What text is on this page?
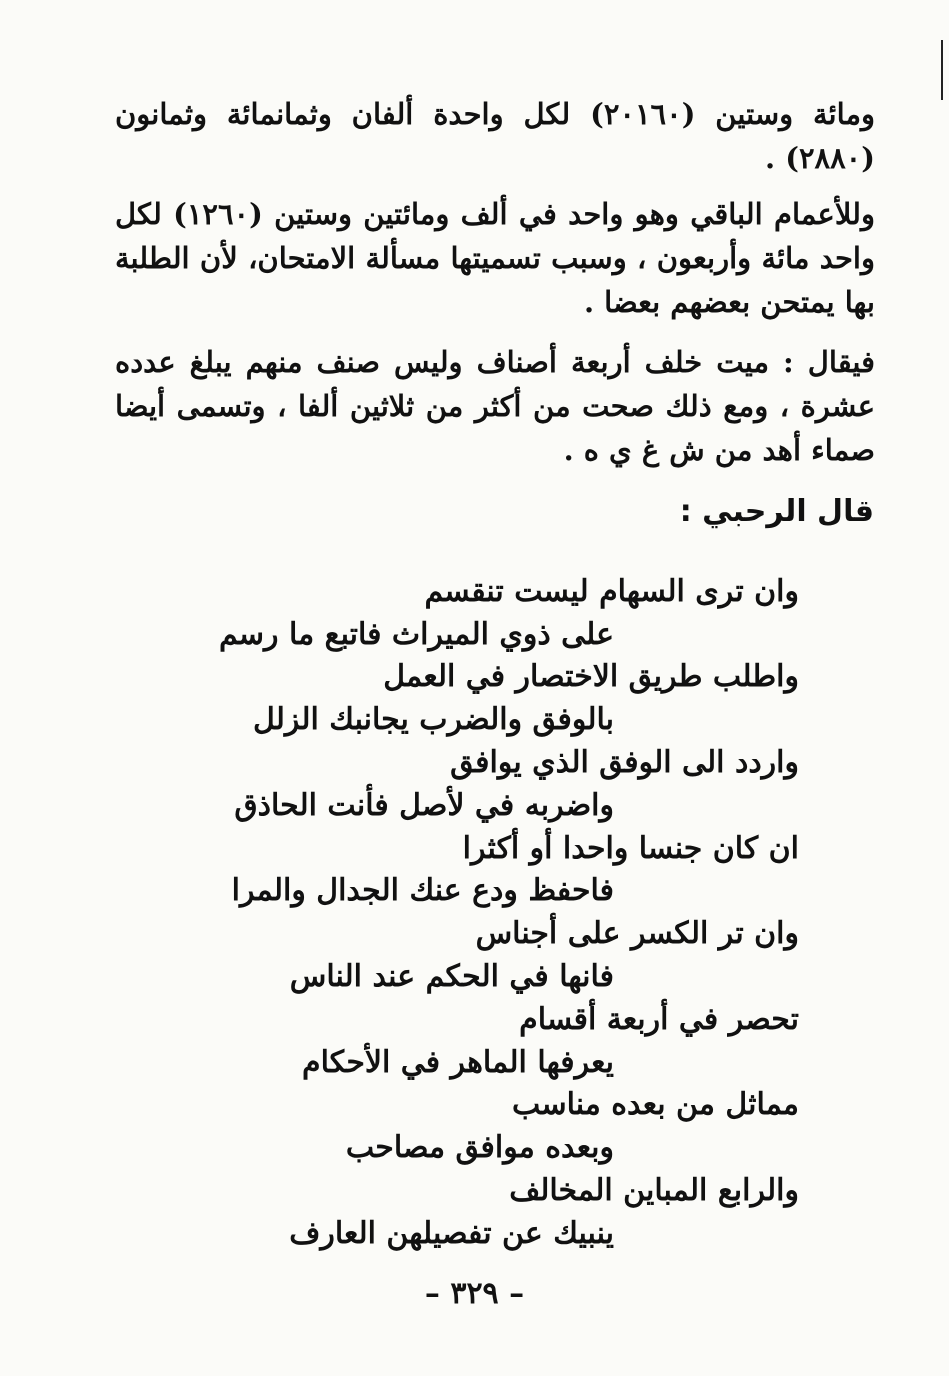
ومائة وستين (٢٠١٦٠) لكل واحدة ألفان وثمانمائة وثمانون (٢٨٨٠) .

وللأعمام الباقي وهو واحد في ألف ومائتين وستين (١٢٦٠) لكل واحد مائة وأربعون ، وسبب تسميتها مسألة الامتحان، لأن الطلبة بها يمتحن بعضهم بعضا .

فيقال : ميت خلف أربعة أصناف وليس صنف منهم يبلغ عدده عشرة ، ومع ذلك صحت من أكثر من ثلاثين ألفا ، وتسمى أيضا صماء أهد من ش غ ي ه .

قال الرحبي :

وان ترى السهام ليست تنقسم

على ذوي الميراث فاتبع ما رسم

واطلب طريق الاختصار في العمل

بالوفق والضرب يجانبك الزلل

واردد الى الوفق الذي يوافق

واضربه في لأصل فأنت الحاذق

ان كان جنسا واحدا أو أكثرا

فاحفظ ودع عنك الجدال والمرا

وان تر الكسر على أجناس

فانها في الحكم عند الناس

تحصر في أربعة أقسام

يعرفها الماهر في الأحكام

مماثل من بعده مناسب

وبعده موافق مصاحب

والرابع المباين المخالف

ينبيك عن تفصيلهن العارف

– ٣٢٩ –
